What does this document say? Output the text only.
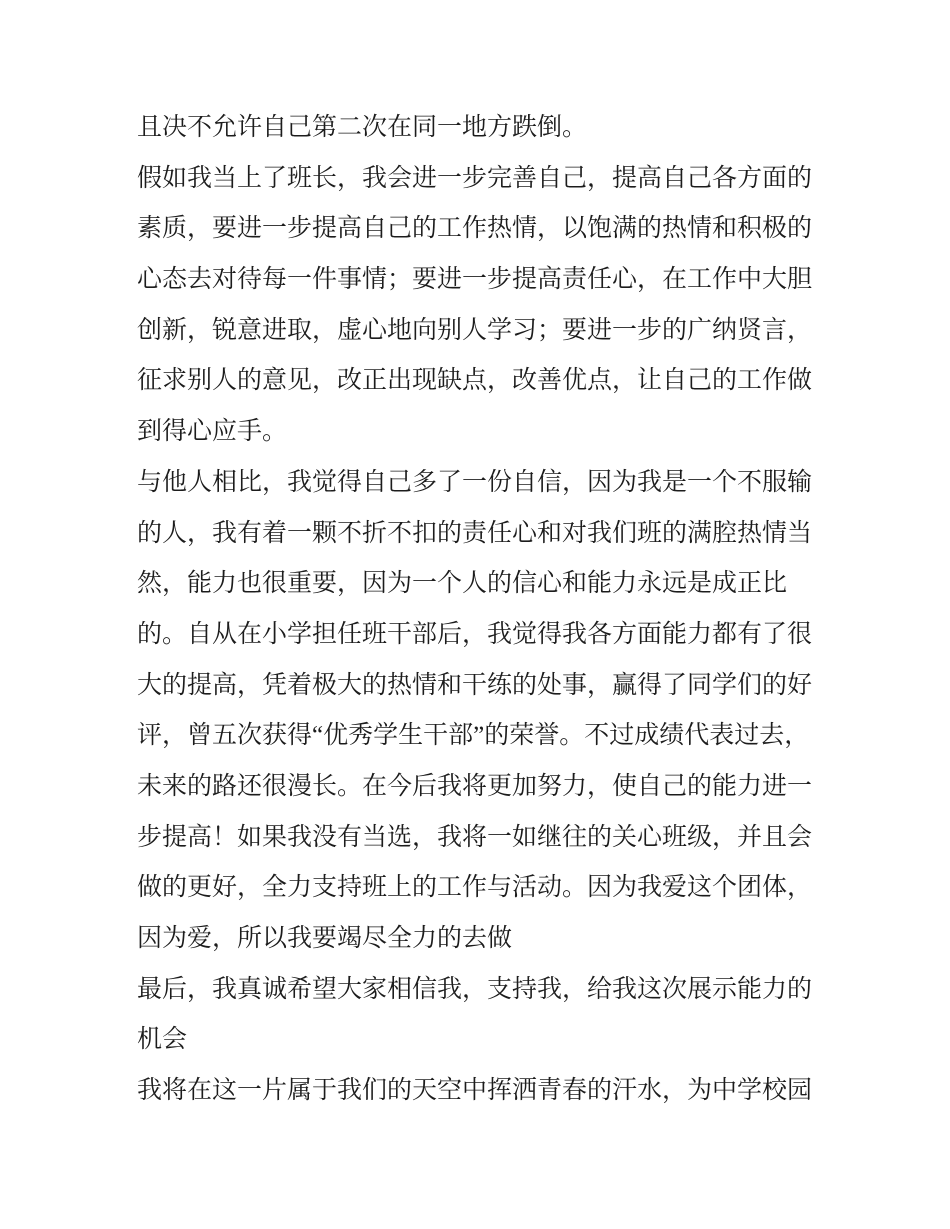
且决不允许自己第二次在同一地方跌倒。

假如我当上了班长，我会进一步完善自己，提高自己各方面的
素质，要进一步提高自己的工作热情，以饱满的热情和积极的
心态去对待每一件事情；要进一步提高责任心，在工作中大胆
创新，锐意进取，虚心地向别人学习；要进一步的广纳贤言，
征求别人的意见，改正出现缺点，改善优点，让自己的工作做
到得心应手。

与他人相比，我觉得自己多了一份自信，因为我是一个不服输
的人，我有着一颗不折不扣的责任心和对我们班的满腔热情当
然，能力也很重要，因为一个人的信心和能力永远是成正比
的。自从在小学担任班干部后，我觉得我各方面能力都有了很
大的提高，凭着极大的热情和干练的处事，赢得了同学们的好
评，曾五次获得“优秀学生干部”的荣誉。不过成绩代表过去，
未来的路还很漫长。在今后我将更加努力，使自己的能力进一
步提高！如果我没有当选，我将一如继往的关心班级，并且会
做的更好，全力支持班上的工作与活动。因为我爱这个团体，
因为爱，所以我要竭尽全力的去做

最后，我真诚希望大家相信我，支持我，给我这次展示能力的
机会

我将在这一片属于我们的天空中挥洒青春的汗水，为中学校园
